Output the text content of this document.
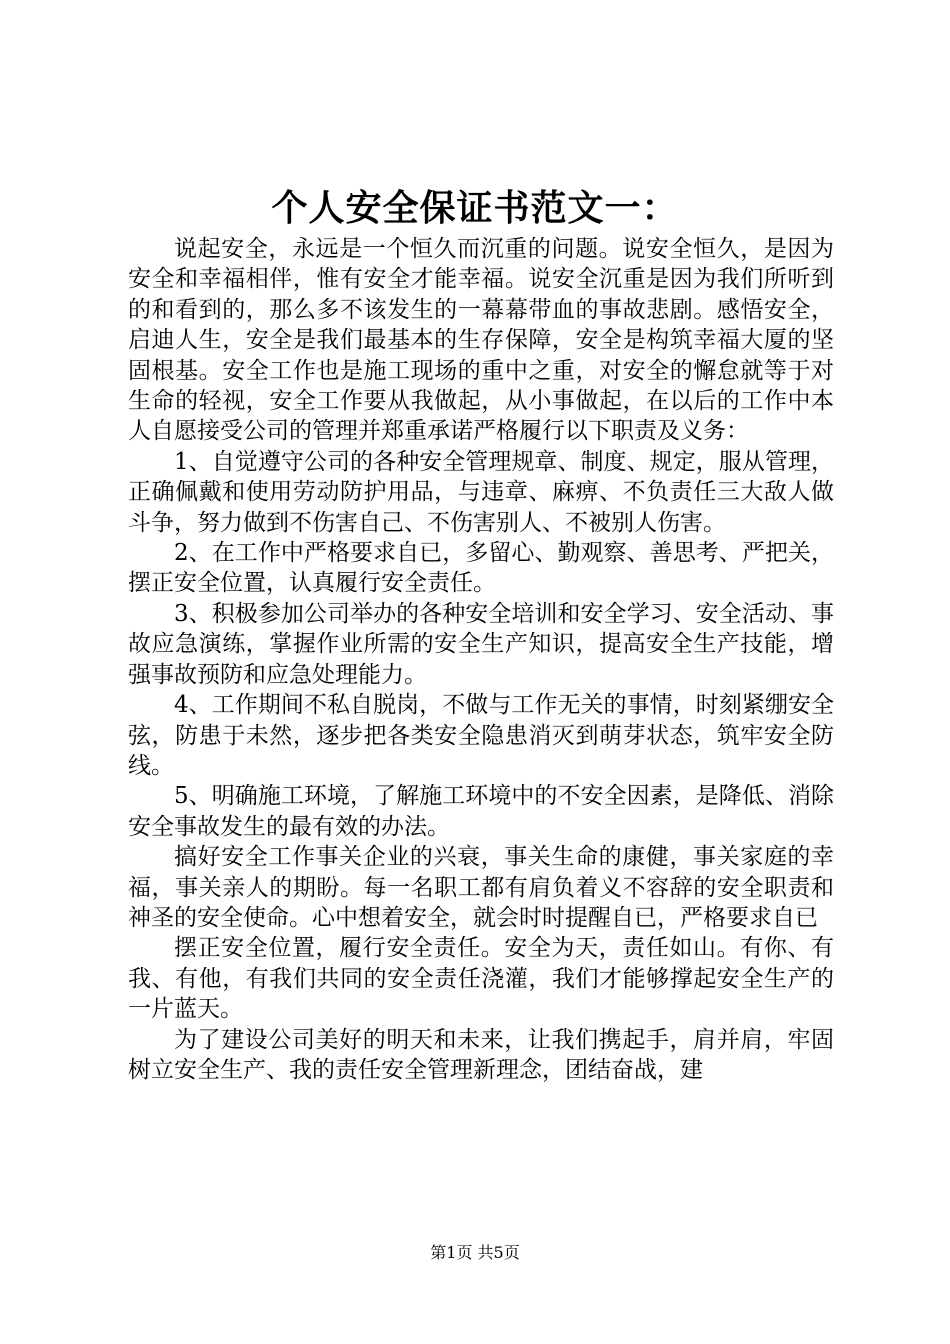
个人安全保证书范文一：

说起安全，永远是一个恒久而沉重的问题。说安全恒久，是因为安全和幸福相伴，惟有安全才能幸福。说安全沉重是因为我们所听到的和看到的，那么多不该发生的一幕幕带血的事故悲剧。感悟安全，启迪人生，安全是我们最基本的生存保障，安全是构筑幸福大厦的坚固根基。安全工作也是施工现场的重中之重，对安全的懈怠就等于对生命的轻视，安全工作要从我做起，从小事做起，在以后的工作中本人自愿接受公司的管理并郑重承诺严格履行以下职责及义务：

1、自觉遵守公司的各种安全管理规章、制度、规定，服从管理，正确佩戴和使用劳动防护用品，与违章、麻痹、不负责任三大敌人做斗争，努力做到不伤害自己、不伤害别人、不被别人伤害。

2、在工作中严格要求自已，多留心、勤观察、善思考、严把关，摆正安全位置，认真履行安全责任。

3、积极参加公司举办的各种安全培训和安全学习、安全活动、事故应急演练，掌握作业所需的安全生产知识，提高安全生产技能，增强事故预防和应急处理能力。

4、工作期间不私自脱岗，不做与工作无关的事情，时刻紧绷安全弦，防患于未然，逐步把各类安全隐患消灭到萌芽状态，筑牢安全防线。

5、明确施工环境，了解施工环境中的不安全因素，是降低、消除安全事故发生的最有效的办法。

搞好安全工作事关企业的兴衰，事关生命的康健，事关家庭的幸福，事关亲人的期盼。每一名职工都有肩负着义不容辞的安全职责和神圣的安全使命。心中想着安全，就会时时提醒自已，严格要求自已

摆正安全位置，履行安全责任。安全为天，责任如山。有你、有我、有他，有我们共同的安全责任浇灌，我们才能够撑起安全生产的一片蓝天。

为了建设公司美好的明天和未来，让我们携起手，肩并肩，牢固树立安全生产、我的责任安全管理新理念，团结奋战，建

第1页 共5页
